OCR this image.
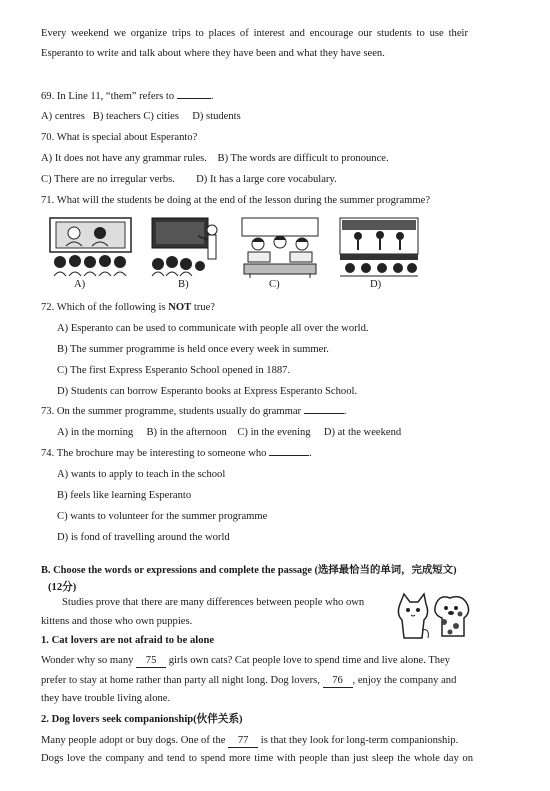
Every weekend we organize trips to places of interest and encourage our students to use their
Esperanto to write and talk about where they have been and what they have seen.
69. In Line 11, “them” refers to	.
A) centres   B) teachers C) cities     D) students
70. What is special about Esperanto?
A) It does not have any grammar rules.    B) The words are difficult to pronounce.
C) There are no irregular verbs.        D) It has a large core vocabulary.
71. What will the students be doing at the end of the lesson during the summer programme?
A)	B)	C)	D)
72. Which of the following is NOT true?
A) Esperanto can be used to communicate with people all over the world.
B) The summer programme is held once every week in summer.
C) The first Express Esperanto School opened in 1887.
D) Students can borrow Esperanto books at Express Esperanto School.
73. On the summer programme, students usually do grammar	.
A) in the morning     B) in the afternoon    C) in the evening     D) at the weekend
74. The brochure may be interesting to someone who	.
A) wants to apply to teach in the school
B) feels like learning Esperanto
C) wants to volunteer for the summer programme
D) is fond of travelling around the world
B. Choose the words or expressions and complete the passage (选择最恰当的单词，完成短文)
(12分)
Studies prove that there are many differences between people who own
kittens and those who own puppies.
1. Cat lovers are not afraid to be alone
Wonder why so many 75 girls own cats? Cat people love to spend time and live alone. They
prefer to stay at home rather than party all night long. Dog lovers, 76 , enjoy the company and
they have trouble living alone.
2. Dog lovers seek companionship(伙伴关系)
Many people adopt or buy dogs. One of the 77 is that they look for long-term companionship.
Dogs love the company and tend to spend more time with people than just sleep the whole day on
